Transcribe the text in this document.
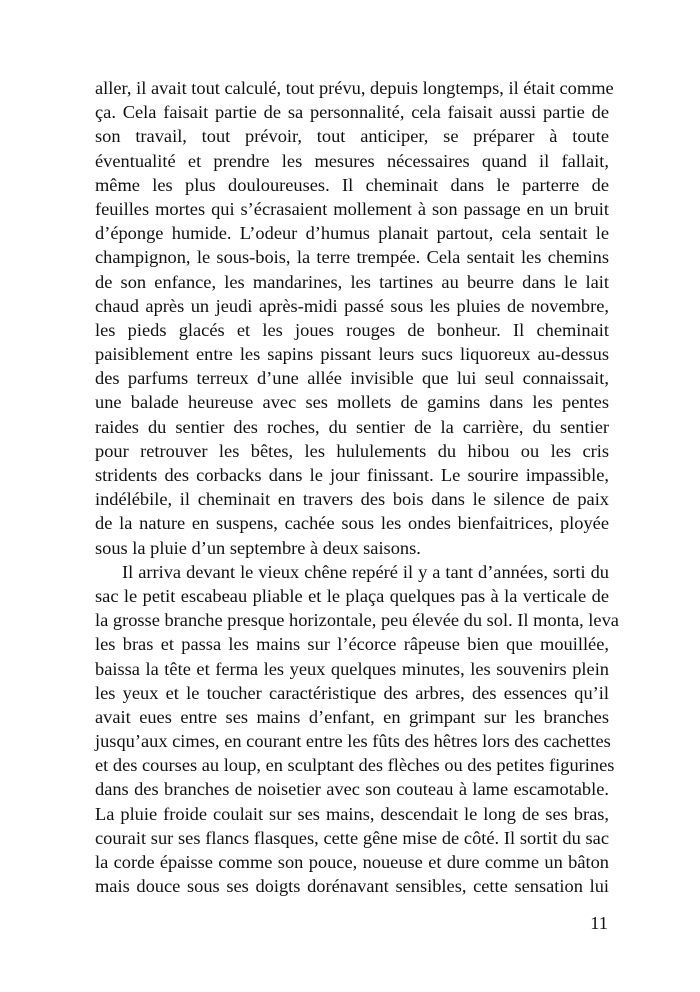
aller, il avait tout calculé, tout prévu, depuis longtemps, il était comme
ça. Cela faisait partie de sa personnalité, cela faisait aussi partie de
son travail, tout prévoir, tout anticiper, se préparer à toute
éventualité et prendre les mesures nécessaires quand il fallait,
même les plus douloureuses. Il cheminait dans le parterre de
feuilles mortes qui s’écrasaient mollement à son passage en un bruit
d’éponge humide. L’odeur d’humus planait partout, cela sentait le
champignon, le sous-bois, la terre trempée. Cela sentait les chemins
de son enfance, les mandarines, les tartines au beurre dans le lait
chaud après un jeudi après-midi passé sous les pluies de novembre,
les pieds glacés et les joues rouges de bonheur. Il cheminait
paisiblement entre les sapins pissant leurs sucs liquoreux au-dessus
des parfums terreux d’une allée invisible que lui seul connaissait,
une balade heureuse avec ses mollets de gamins dans les pentes
raides du sentier des roches, du sentier de la carrière, du sentier
pour retrouver les bêtes, les hululements du hibou ou les cris
stridents des corbacks dans le jour finissant. Le sourire impassible,
indélébile, il cheminait en travers des bois dans le silence de paix
de la nature en suspens, cachée sous les ondes bienfaitrices, ployée
sous la pluie d’un septembre à deux saisons.
Il arriva devant le vieux chêne repéré il y a tant d’années, sorti du
sac le petit escabeau pliable et le plaça quelques pas à la verticale de
la grosse branche presque horizontale, peu élevée du sol. Il monta, leva
les bras et passa les mains sur l’écorce râpeuse bien que mouillée,
baissa la tête et ferma les yeux quelques minutes, les souvenirs plein
les yeux et le toucher caractéristique des arbres, des essences qu’il
avait eues entre ses mains d’enfant, en grimpant sur les branches
jusqu’aux cimes, en courant entre les fûts des hêtres lors des cachettes
et des courses au loup, en sculptant des flèches ou des petites figurines
dans des branches de noisetier avec son couteau à lame escamotable.
La pluie froide coulait sur ses mains, descendait le long de ses bras,
courait sur ses flancs flasques, cette gêne mise de côté. Il sortit du sac
la corde épaisse comme son pouce, noueuse et dure comme un bâton
mais douce sous ses doigts dorénavant sensibles, cette sensation lui
11
